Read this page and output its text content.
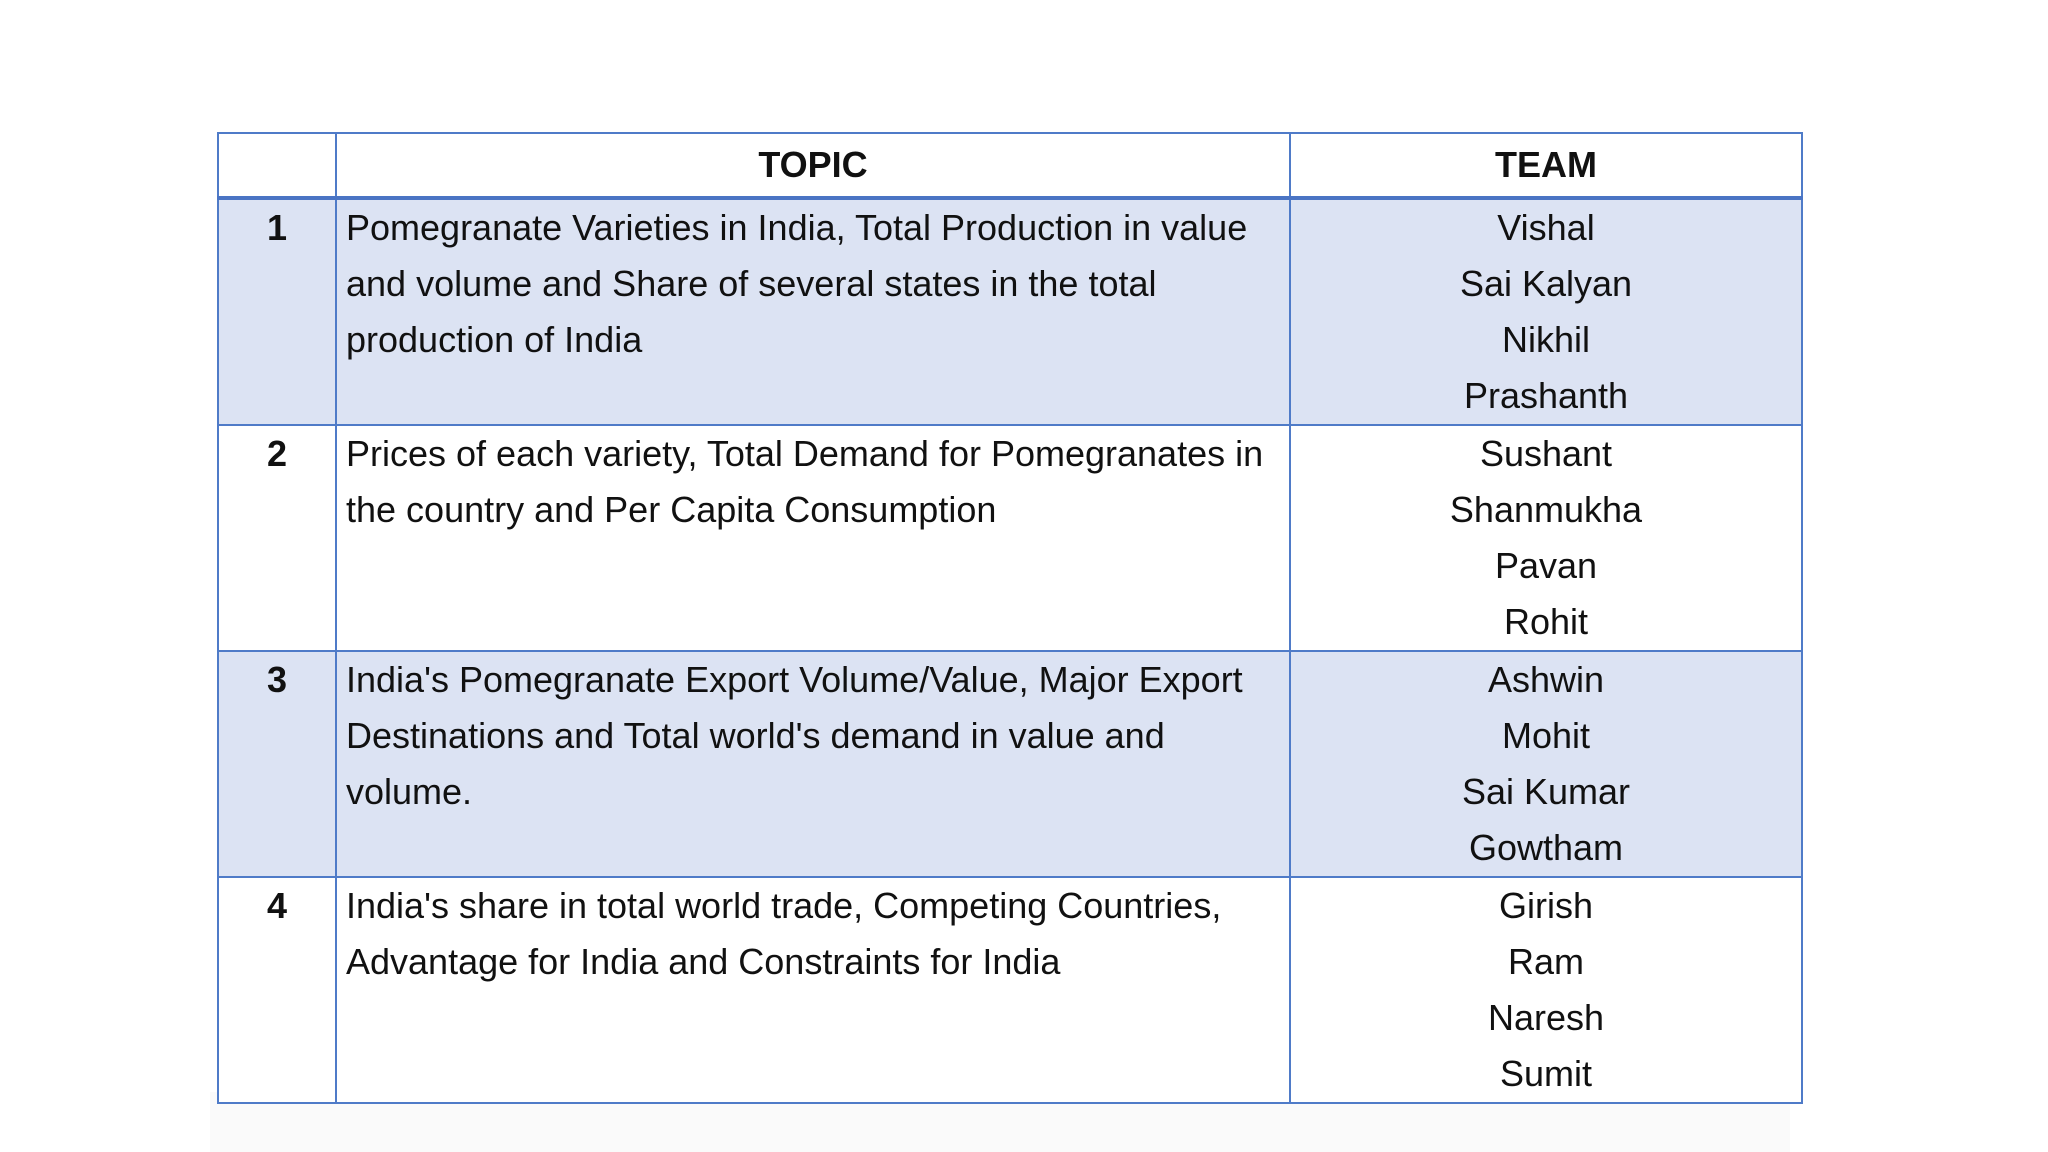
	TOPIC	TEAM
1	Pomegranate Varieties in India, Total Production in value and volume and Share of several states in the total production of India	Vishal
Sai Kalyan
Nikhil
Prashanth

2	Prices of each variety, Total Demand for Pomegranates in the country and Per Capita Consumption	Sushant
Shanmukha
Pavan
Rohit

3	India's Pomegranate Export Volume/Value, Major Export Destinations and Total world's demand in value and volume.	Ashwin
Mohit
Sai Kumar
Gowtham

4	India's share in total world trade, Competing Countries, Advantage for India and Constraints for India	Girish
Ram
Naresh
Sumit
